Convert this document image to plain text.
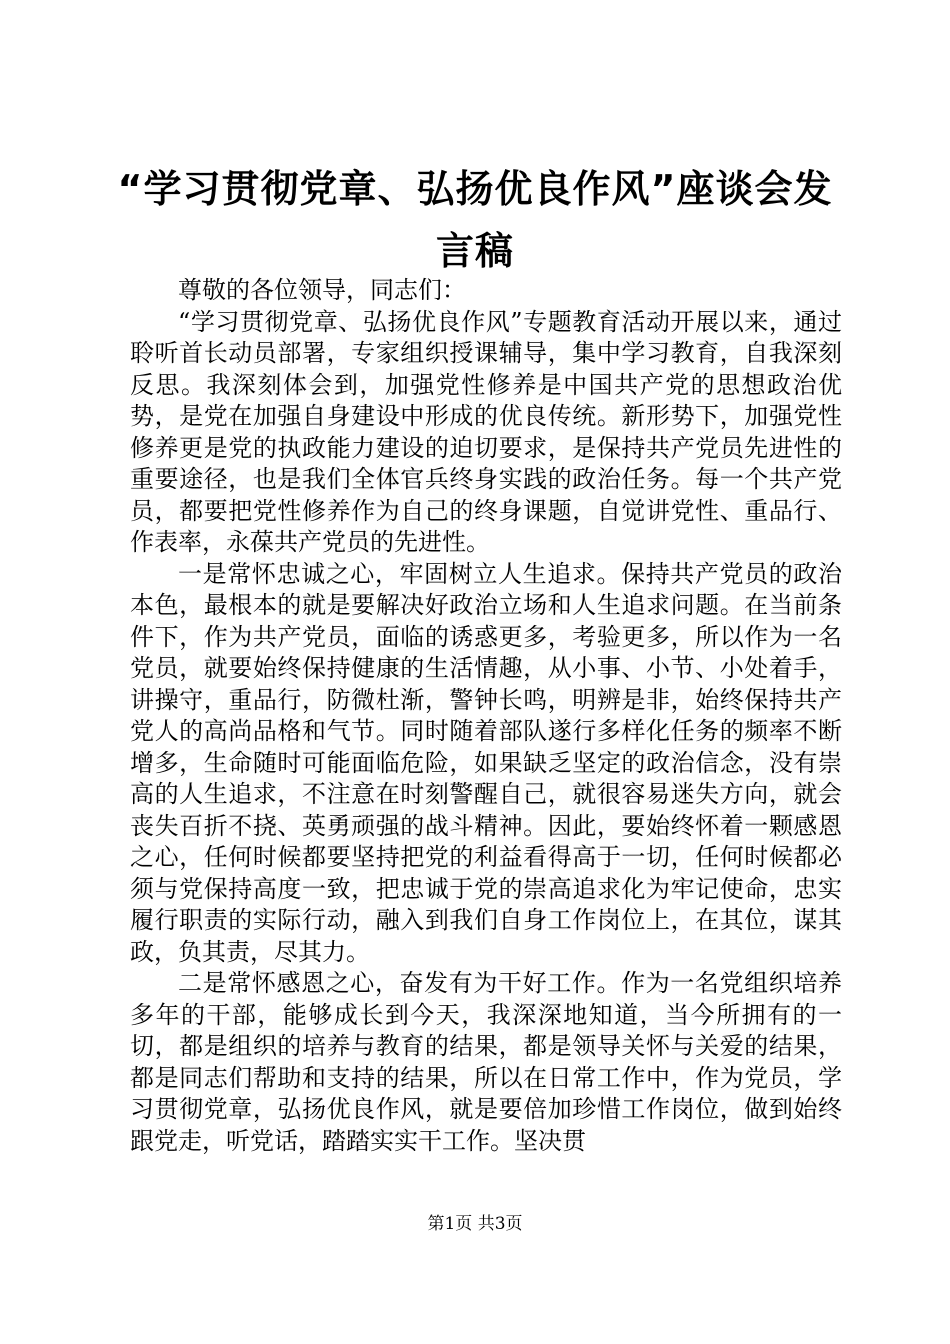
“学习贯彻党章、弘扬优良作风”座谈会发言稿

尊敬的各位领导，同志们：

“学习贯彻党章、弘扬优良作风”专题教育活动开展以来，通过聆听首长动员部署，专家组织授课辅导，集中学习教育，自我深刻反思。我深刻体会到，加强党性修养是中国共产党的思想政治优势，是党在加强自身建设中形成的优良传统。新形势下，加强党性修养更是党的执政能力建设的迫切要求，是保持共产党员先进性的重要途径，也是我们全体官兵终身实践的政治任务。每一个共产党员，都要把党性修养作为自己的终身课题，自觉讲党性、重品行、作表率，永葆共产党员的先进性。

一是常怀忠诚之心，牢固树立人生追求。保持共产党员的政治本色，最根本的就是要解决好政治立场和人生追求问题。在当前条件下，作为共产党员，面临的诱惑更多，考验更多，所以作为一名党员，就要始终保持健康的生活情趣，从小事、小节、小处着手，讲操守，重品行，防微杜渐，警钟长鸣，明辨是非，始终保持共产党人的高尚品格和气节。同时随着部队遂行多样化任务的频率不断增多，生命随时可能面临危险，如果缺乏坚定的政治信念，没有崇高的人生追求，不注意在时刻警醒自己，就很容易迷失方向，就会丧失百折不挠、英勇顽强的战斗精神。因此，要始终怀着一颗感恩之心，任何时候都要坚持把党的利益看得高于一切，任何时候都必须与党保持高度一致，把忠诚于党的崇高追求化为牢记使命，忠实履行职责的实际行动，融入到我们自身工作岗位上，在其位，谋其政，负其责，尽其力。

二是常怀感恩之心，奋发有为干好工作。作为一名党组织培养多年的干部，能够成长到今天，我深深地知道，当今所拥有的一切，都是组织的培养与教育的结果，都是领导关怀与关爱的结果，都是同志们帮助和支持的结果，所以在日常工作中，作为党员，学习贯彻党章，弘扬优良作风，就是要倍加珍惜工作岗位，做到始终跟党走，听党话，踏踏实实干工作。坚决贯

第1页 共3页
